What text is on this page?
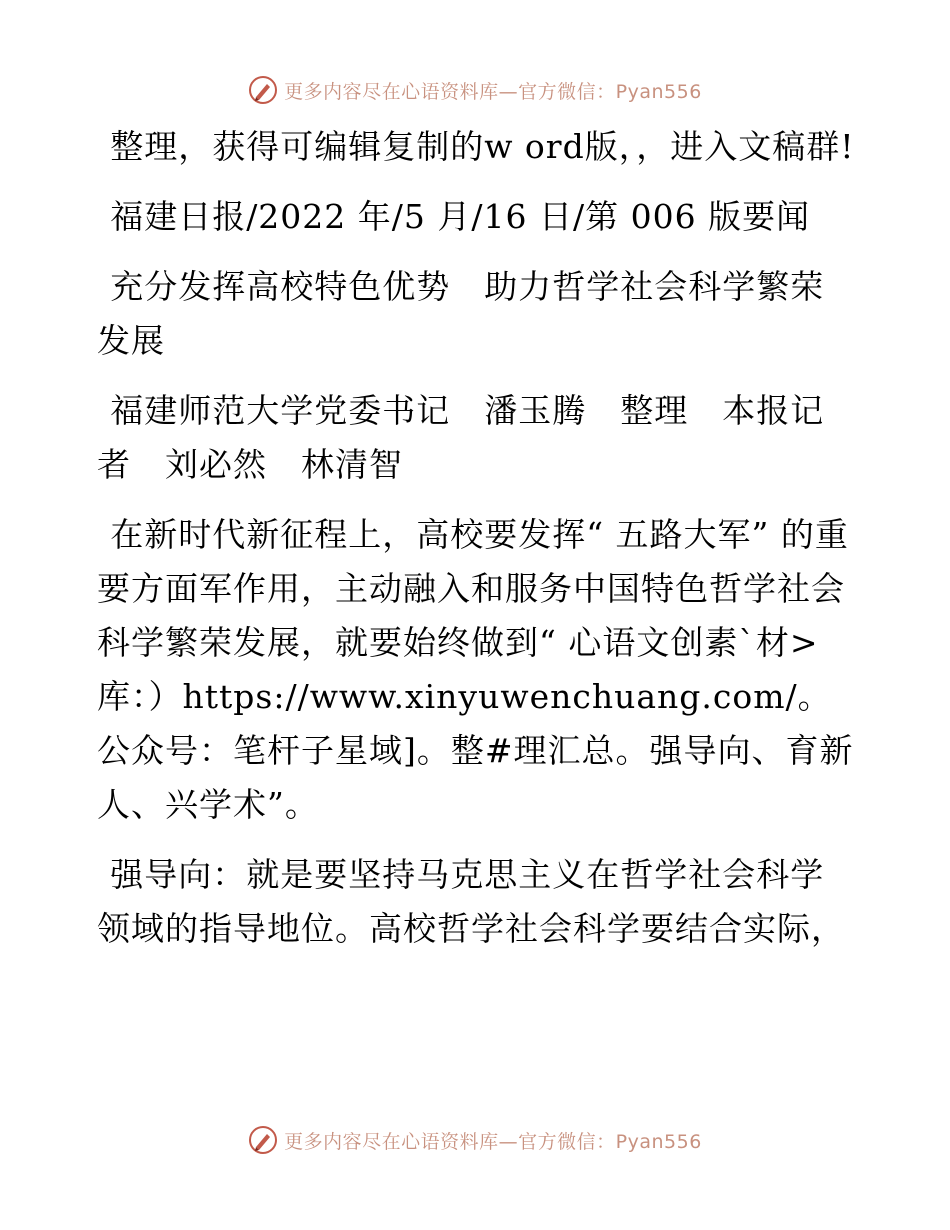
更多内容尽在心语资料库—官方微信：Pyan556

整理，获得可编辑复制的w ord版，，进入文稿群!

福建日报/2022 年/5 月/16 日/第 006 版要闻

充分发挥高校特色优势　助力哲学社会科学繁荣发展

福建师范大学党委书记　潘玉腾　整理　本报记者　刘必然　林清智

在新时代新征程上，高校要发挥“ 五路大军” 的重要方面军作用，主动融入和服务中国特色哲学社会科学繁荣发展，就要始终做到“ 心语文创素`材>库：）https://www.xinyuwenchuang.com/。公众号：笔杆子星域]。整#理汇总。强导向、育新人、兴学术”。

强导向：就是要坚持马克思主义在哲学社会科学领域的指导地位。高校哲学社会科学要结合实际，

更多内容尽在心语资料库—官方微信：Pyan556
